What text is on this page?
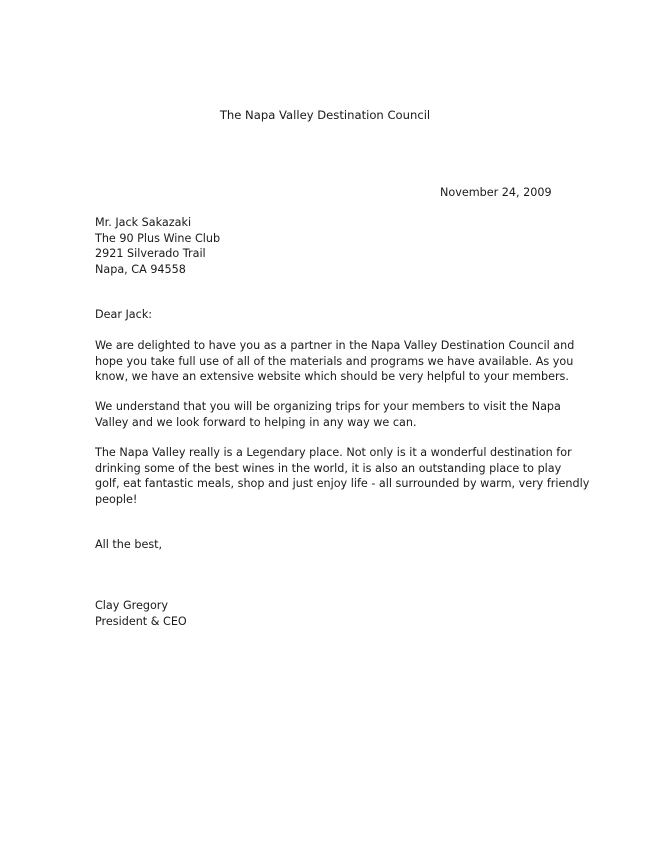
The Napa Valley Destination Council
November 24, 2009
Mr. Jack Sakazaki
The 90 Plus Wine Club
2921 Silverado Trail
Napa, CA 94558
Dear Jack:
We are delighted to have you as a partner in the Napa Valley Destination Council and
hope you take full use of all of the materials and programs we have available. As you
know, we have an extensive website which should be very helpful to your members.
We understand that you will be organizing trips for your members to visit the Napa
Valley and we look forward to helping in any way we can.
The Napa Valley really is a Legendary place. Not only is it a wonderful destination for
drinking some of the best wines in the world, it is also an outstanding place to play
golf, eat fantastic meals, shop and just enjoy life - all surrounded by warm, very friendly
people!
All the best,
Clay Gregory
President & CEO
